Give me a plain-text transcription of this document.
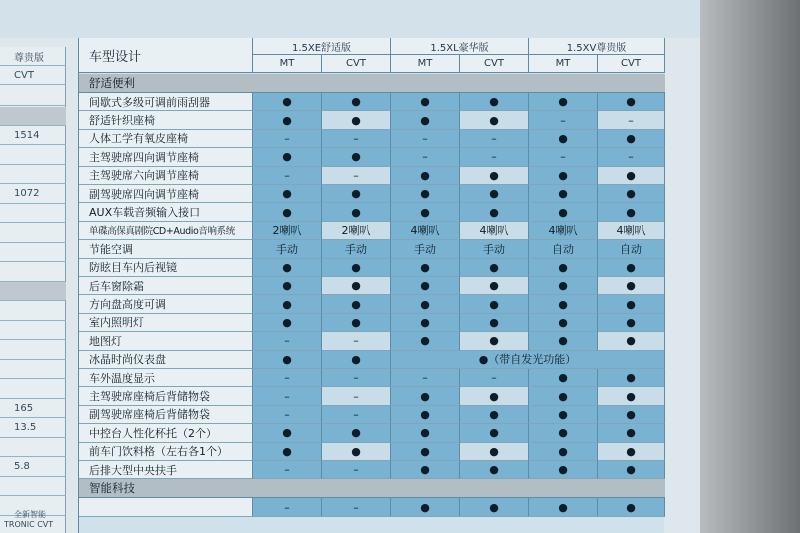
尊贵版
CVT
1514
1072
165
13.5
5.8
全新智能
TRONIC CVT
车型设计
1.5XE舒适版
MT	CVT
1.5XL豪华版
MT	CVT
1.5XV尊贵版
MT	CVT
舒适便利
间歇式多级可调前雨刮器	●	●	●	●	●	●
舒适针织座椅	●	●	●	●	–	–
人体工学有氧皮座椅	–	–	–	–	●	●
主驾驶席四向调节座椅	●	●	–	–	–	–
主驾驶席六向调节座椅	–	–	●	●	●	●
副驾驶席四向调节座椅	●	●	●	●	●	●
AUX车载音频输入接口	●	●	●	●	●	●
单碟高保真剧院CD+Audio音响系统	2喇叭	2喇叭	4喇叭	4喇叭	4喇叭	4喇叭
节能空调	手动	手动	手动	手动	自动	自动
防眩目车内后视镜	●	●	●	●	●	●
后车窗除霜	●	●	●	●	●	●
方向盘高度可调	●	●	●	●	●	●
室内照明灯	●	●	●	●	●	●
地图灯	–	–	●	●	●	●
冰晶时尚仪表盘	●	●	●（带自发光功能）
车外温度显示	–	–	–	–	●	●
主驾驶席座椅后背储物袋	–	–	●	●	●	●
副驾驶席座椅后背储物袋	–	–	●	●	●	●
中控台人性化杯托（2个）	●	●	●	●	●	●
前车门饮料格（左右各1个）	●	●	●	●	●	●
后排大型中央扶手	–	–	●	●	●	●
智能科技
–	–	●	●	●	●
